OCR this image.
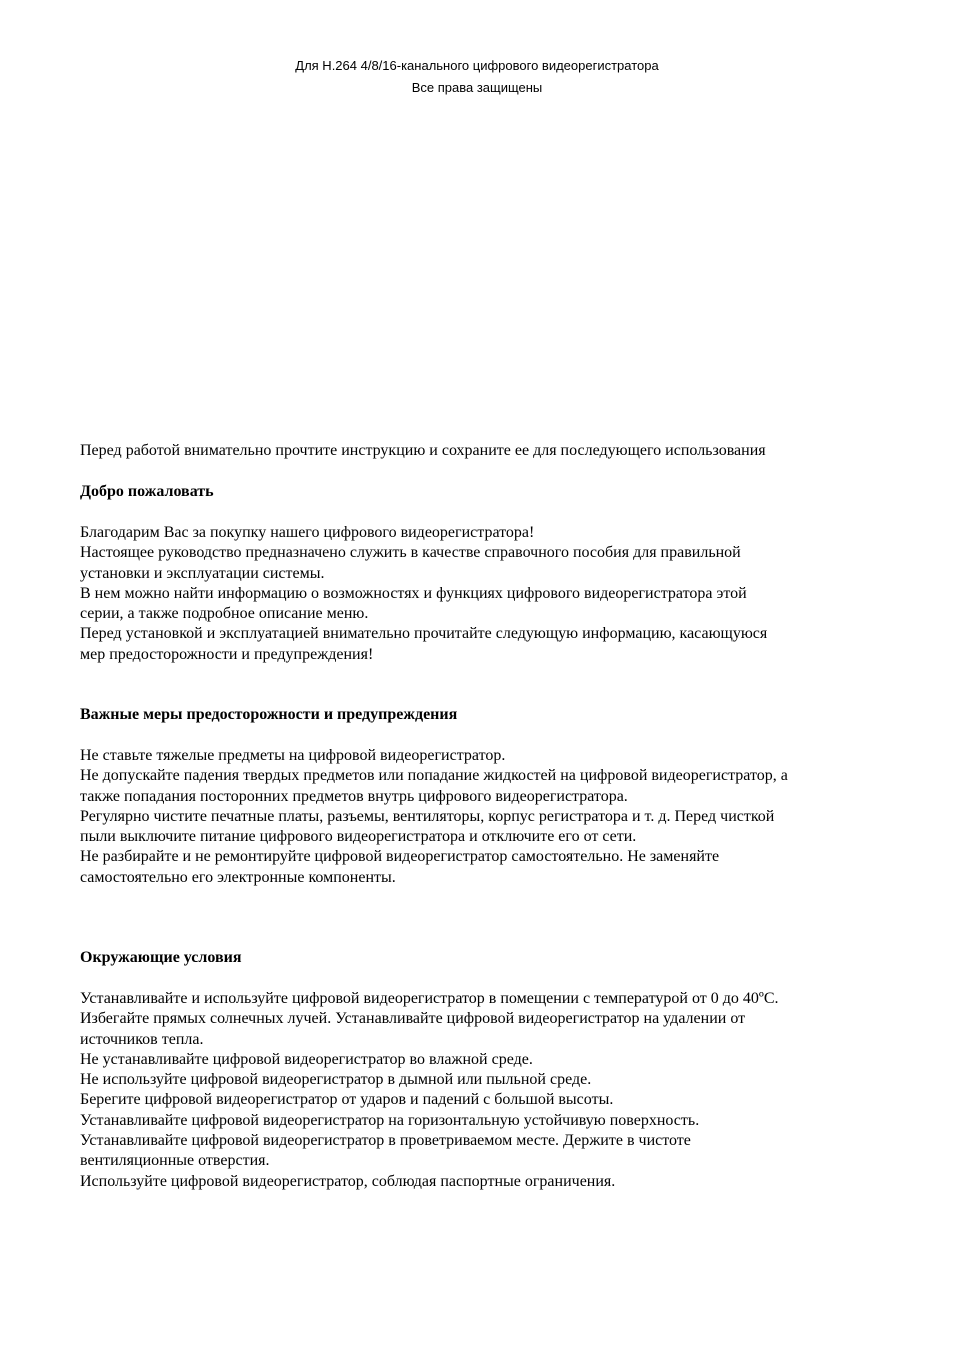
Для H.264 4/8/16-канального цифрового видеорегистратора
Все права защищены
Перед работой внимательно прочтите инструкцию и сохраните ее для последующего использования
Добро пожаловать
Благодарим Вас за покупку нашего цифрового видеорегистратора!
Настоящее руководство предназначено служить в качестве справочного пособия для правильной
установки и эксплуатации системы.
В нем можно найти информацию о возможностях и функциях цифрового видеорегистратора этой
серии, а также подробное описание меню.
Перед установкой и эксплуатацией внимательно прочитайте следующую информацию, касающуюся
мер предосторожности и предупреждения!
Важные меры предосторожности и предупреждения
Не ставьте тяжелые предметы на цифровой видеорегистратор.
Не допускайте падения твердых предметов или попадание жидкостей на цифровой видеорегистратор, а
также попадания посторонних предметов внутрь цифрового видеорегистратора.
Регулярно чистите печатные платы, разъемы, вентиляторы, корпус регистратора и т. д. Перед чисткой
пыли выключите питание цифрового видеорегистратора и отключите его от сети.
Не разбирайте и не ремонтируйте цифровой видеорегистратор самостоятельно. Не заменяйте
самостоятельно его электронные компоненты.
Окружающие условия
Устанавливайте и используйте цифровой видеорегистратор в помещении с температурой от 0 до 40ºC.
Избегайте прямых солнечных лучей. Устанавливайте цифровой видеорегистратор на удалении от
источников тепла.
Не устанавливайте цифровой видеорегистратор во влажной среде.
Не используйте цифровой видеорегистратор в дымной или пыльной среде.
Берегите цифровой видеорегистратор от ударов и падений с большой высоты.
Устанавливайте цифровой видеорегистратор на горизонтальную устойчивую поверхность.
Устанавливайте цифровой видеорегистратор в проветриваемом месте. Держите в чистоте
вентиляционные отверстия.
Используйте цифровой видеорегистратор, соблюдая паспортные ограничения.
